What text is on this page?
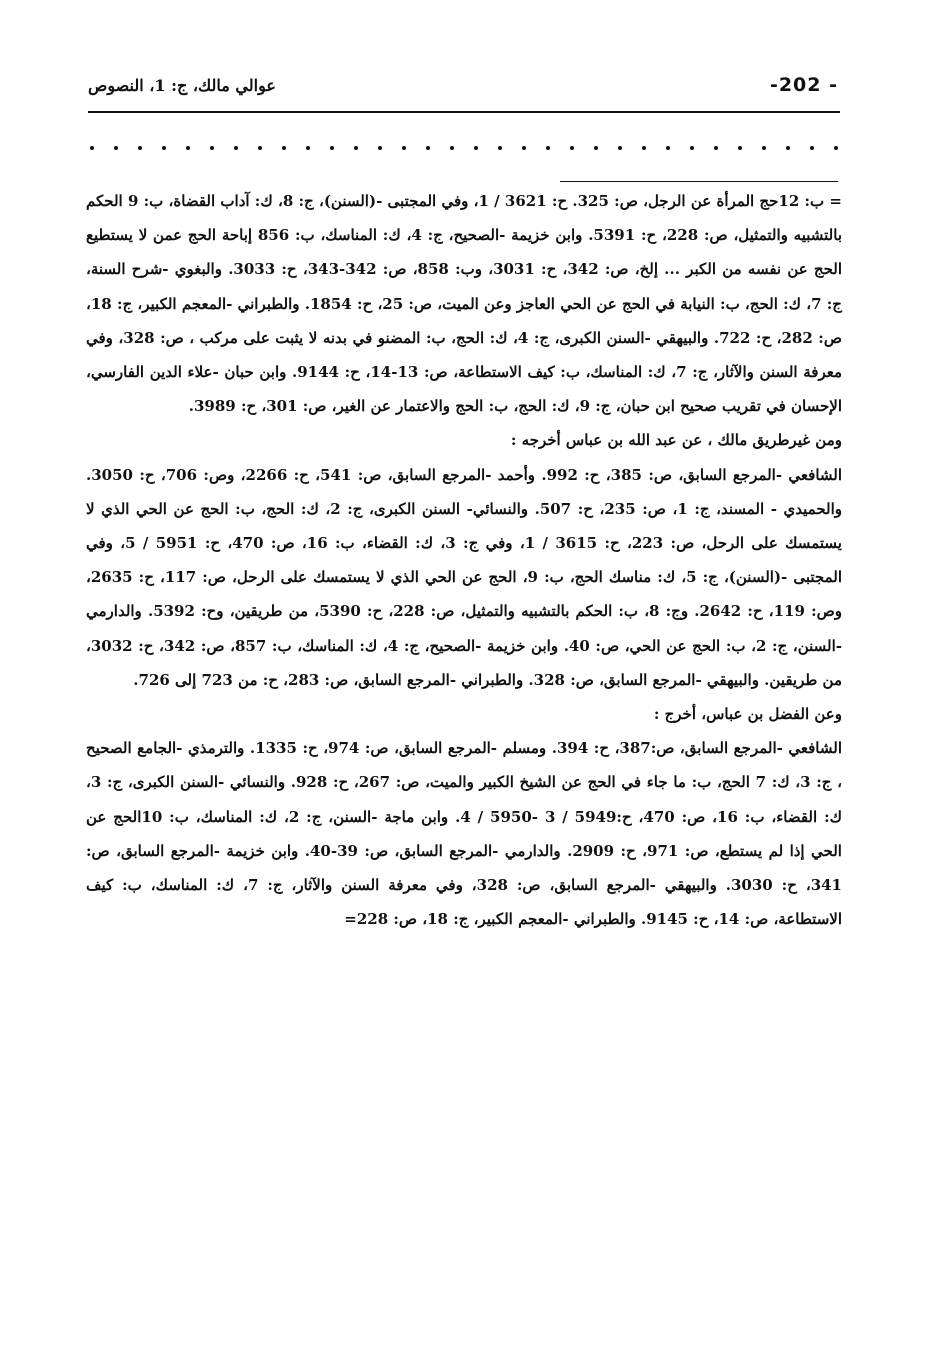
-202 -
عوالي مالك، ج: 1، النصوص

= ب: 12حج المرأة عن الرجل، ص: 325. ح: 3621 / 1، وفي المجتبى -(السنن)، ج: 8، ك: آداب القضاة، ب: 9 الحكم بالتشبيه والتمثيل، ص: 228، ح: 5391. وابن خزيمة -الصحيح، ج: 4، ك: المناسك، ب: 856 إباحة الحج عمن لا يستطيع الحج عن نفسه من الكبر ... إلخ، ص: 342، ح: 3031، وب: 858، ص: 342-343، ح: 3033. والبغوي -شرح السنة، ج: 7، ك: الحج، ب: النيابة في الحج عن الحي العاجز وعن الميت، ص: 25، ح: 1854. والطبراني -المعجم الكبير، ج: 18، ص: 282، ح: 722. والبيهقي -السنن الكبرى، ج: 4، ك: الحج، ب: المضنو في بدنه لا يثبت على مركب ، ص: 328، وفي معرفة السنن والآثار، ج: 7، ك: المناسك، ب: كيف الاستطاعة، ص: 13-14، ح: 9144. وابن حبان -علاء الدين الفارسي، الإحسان في تقريب صحيح ابن حبان، ج: 9، ك: الحج، ب: الحج والاعتمار عن الغير، ص: 301، ح: 3989.

ومن غيرطريق مالك ، عن عبد الله بن عباس أخرجه :

الشافعي -المرجع السابق، ص: 385، ح: 992. وأحمد -المرجع السابق، ص: 541، ح: 2266، وص: 706، ح: 3050. والحميدي - المسند، ج: 1، ص: 235، ح: 507. والنسائي- السنن الكبرى، ج: 2، ك: الحج، ب: الحج عن الحي الذي لا يستمسك على الرحل، ص: 223، ح: 3615 / 1، وفي ج: 3، ك: القضاء، ب: 16، ص: 470، ح: 5951 / 5، وفي المجتبى -(السنن)، ج: 5، ك: مناسك الحج، ب: 9، الحج عن الحي الذي لا يستمسك على الرحل، ص: 117، ح: 2635، وص: 119، ح: 2642. وج: 8، ب: الحكم بالتشبيه والتمثيل، ص: 228، ح: 5390، من طريقين، وح: 5392. والدارمي -السنن، ج: 2، ب: الحج عن الحي، ص: 40. وابن خزيمة -الصحيح، ج: 4، ك: المناسك، ب: 857، ص: 342، ح: 3032، من طريقين. والبيهقي -المرجع السابق، ص: 328. والطبراني -المرجع السابق، ص: 283، ح: من 723 إلى 726.

وعن الفضل بن عباس، أخرج :

الشافعي -المرجع السابق، ص:387، ح: 394. ومسلم -المرجع السابق، ص: 974، ح: 1335. والترمذي -الجامع الصحيح ، ج: 3، ك: 7 الحج، ب: ما جاء في الحج عن الشيخ الكبير والميت، ص: 267، ح: 928. والنسائي -السنن الكبرى، ج: 3، ك: القضاء، ب: 16، ص: 470، ح:5949 / 3 -5950 / 4. وابن ماجة -السنن، ج: 2، ك: المناسك، ب: 10الحج عن الحي إذا لم يستطع، ص: 971، ح: 2909. والدارمي -المرجع السابق، ص: 39-40. وابن خزيمة -المرجع السابق، ص: 341، ح: 3030. والبيهقي -المرجع السابق، ص: 328، وفي معرفة السنن والآثار، ج: 7، ك: المناسك، ب: كيف الاستطاعة، ص: 14، ح: 9145. والطبراني -المعجم الكبير، ج: 18، ص: 228=
